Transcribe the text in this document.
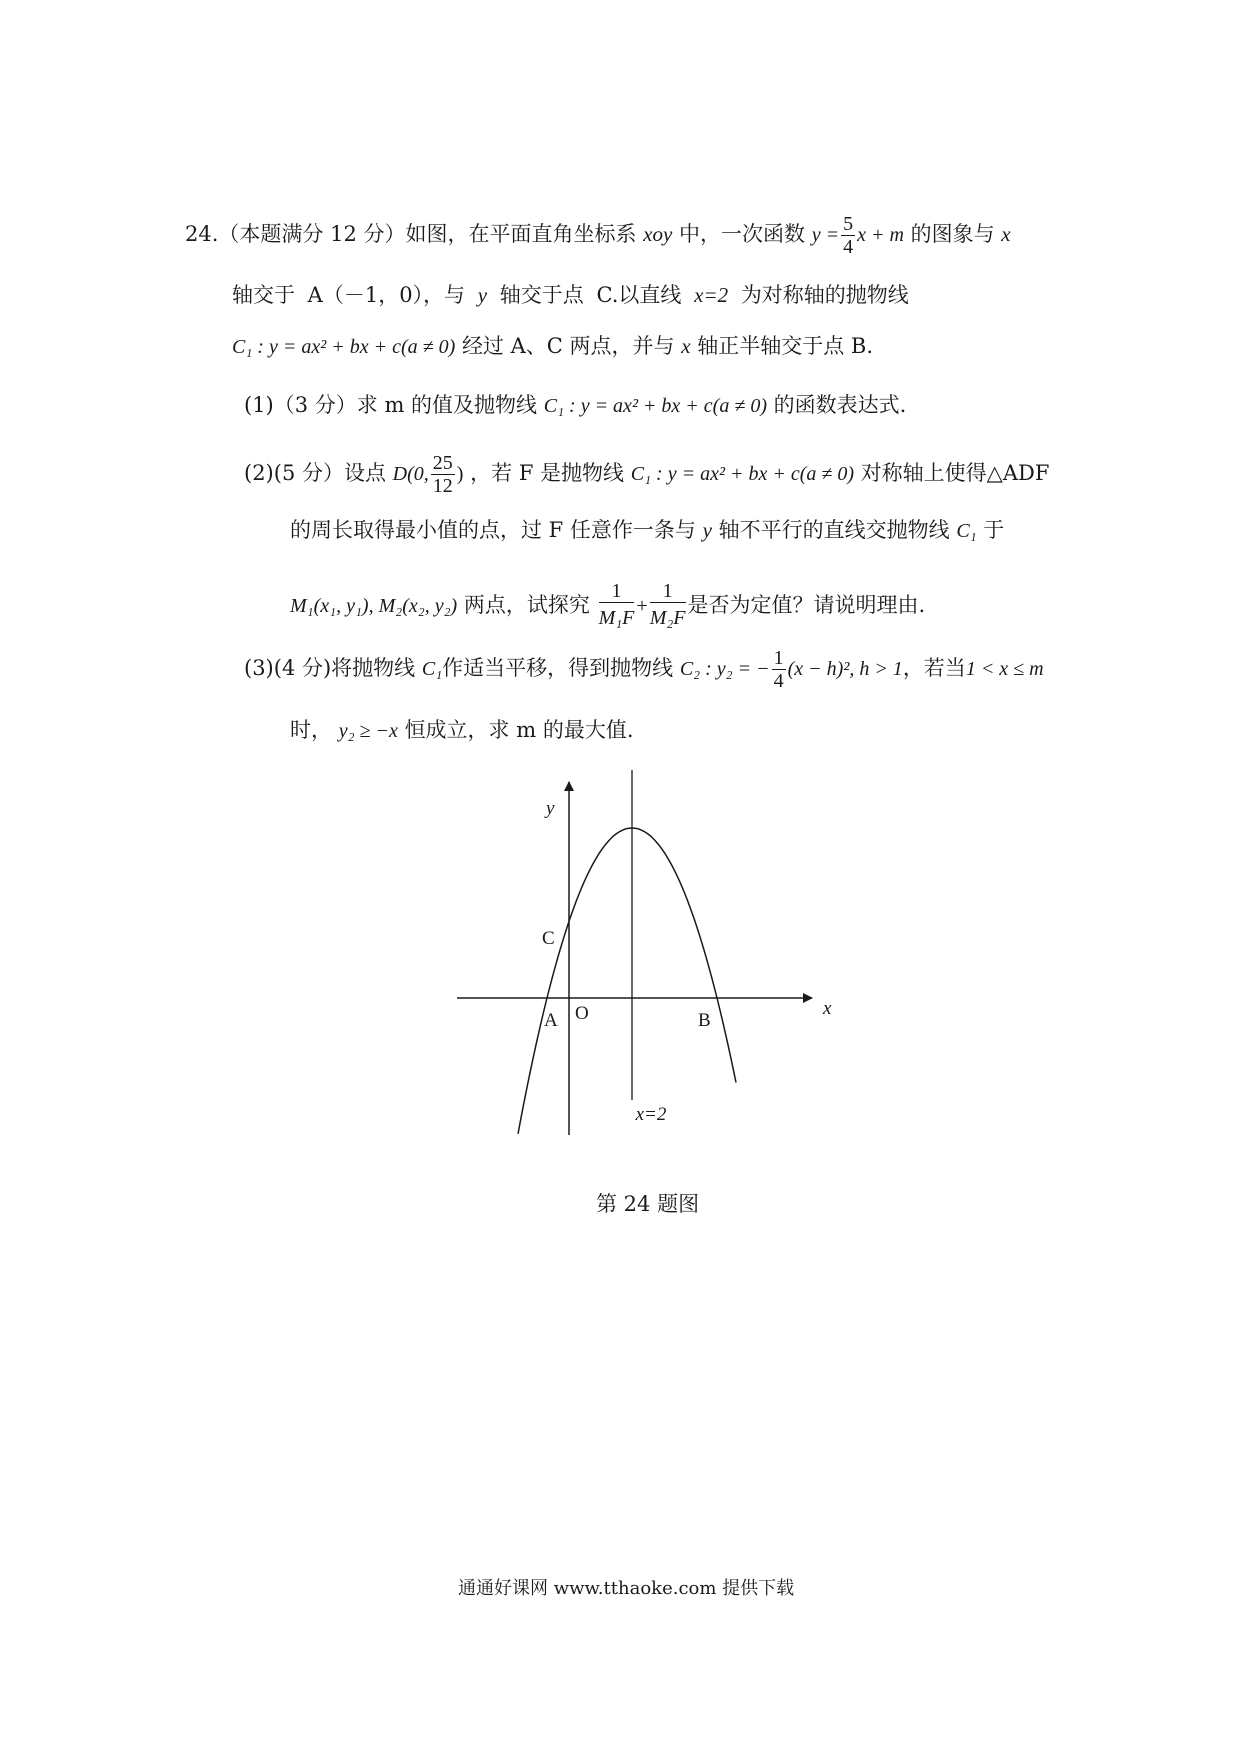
24.（本题满分 12 分）如图，在平面直角坐标系 xoy 中，一次函数 $y = \frac{5}{4}$ x + m 的图象与 x
轴交于 A（－1，0），与 y 轴交于点 C.以直线 x=2 为对称轴的抛物线
C₁ : y = ax² + bx + c(a ≠ 0) 经过 A、C 两点，并与 x 轴正半轴交于点 B.
(1)（3 分）求 m 的值及抛物线 C₁ : y = ax² + bx + c(a ≠ 0) 的函数表达式.
(2)(5 分）设点 D(0, $\frac{25}{12}$ ) ，若 F 是抛物线 C₁ : y = ax² + bx + c(a ≠ 0) 对称轴上使得△ADF
的周长取得最小值的点，过 F 任意作一条与 y 轴不平行的直线交抛物线 C₁ 于
M₁(x₁, y₁), M₂(x₂, y₂) 两点，试探究 $\frac{1}{\text{M₁F}} + \frac{1}{\text{M₂F}}$是否为定值？请说明理由.
(3)(4 分)将抛物线 C₁作适当平移，得到抛物线 C₂ : y₂ = − $\frac{1}{4} (x - h)^2$, h > 1，若当1 < x ≤ m
时， y₂ ≥ −x 恒成立，求 m 的最大值.
y
x
C
A O	B
x=2
第 24 题图
通通好课网 www.tthaoke.com 提供下载
